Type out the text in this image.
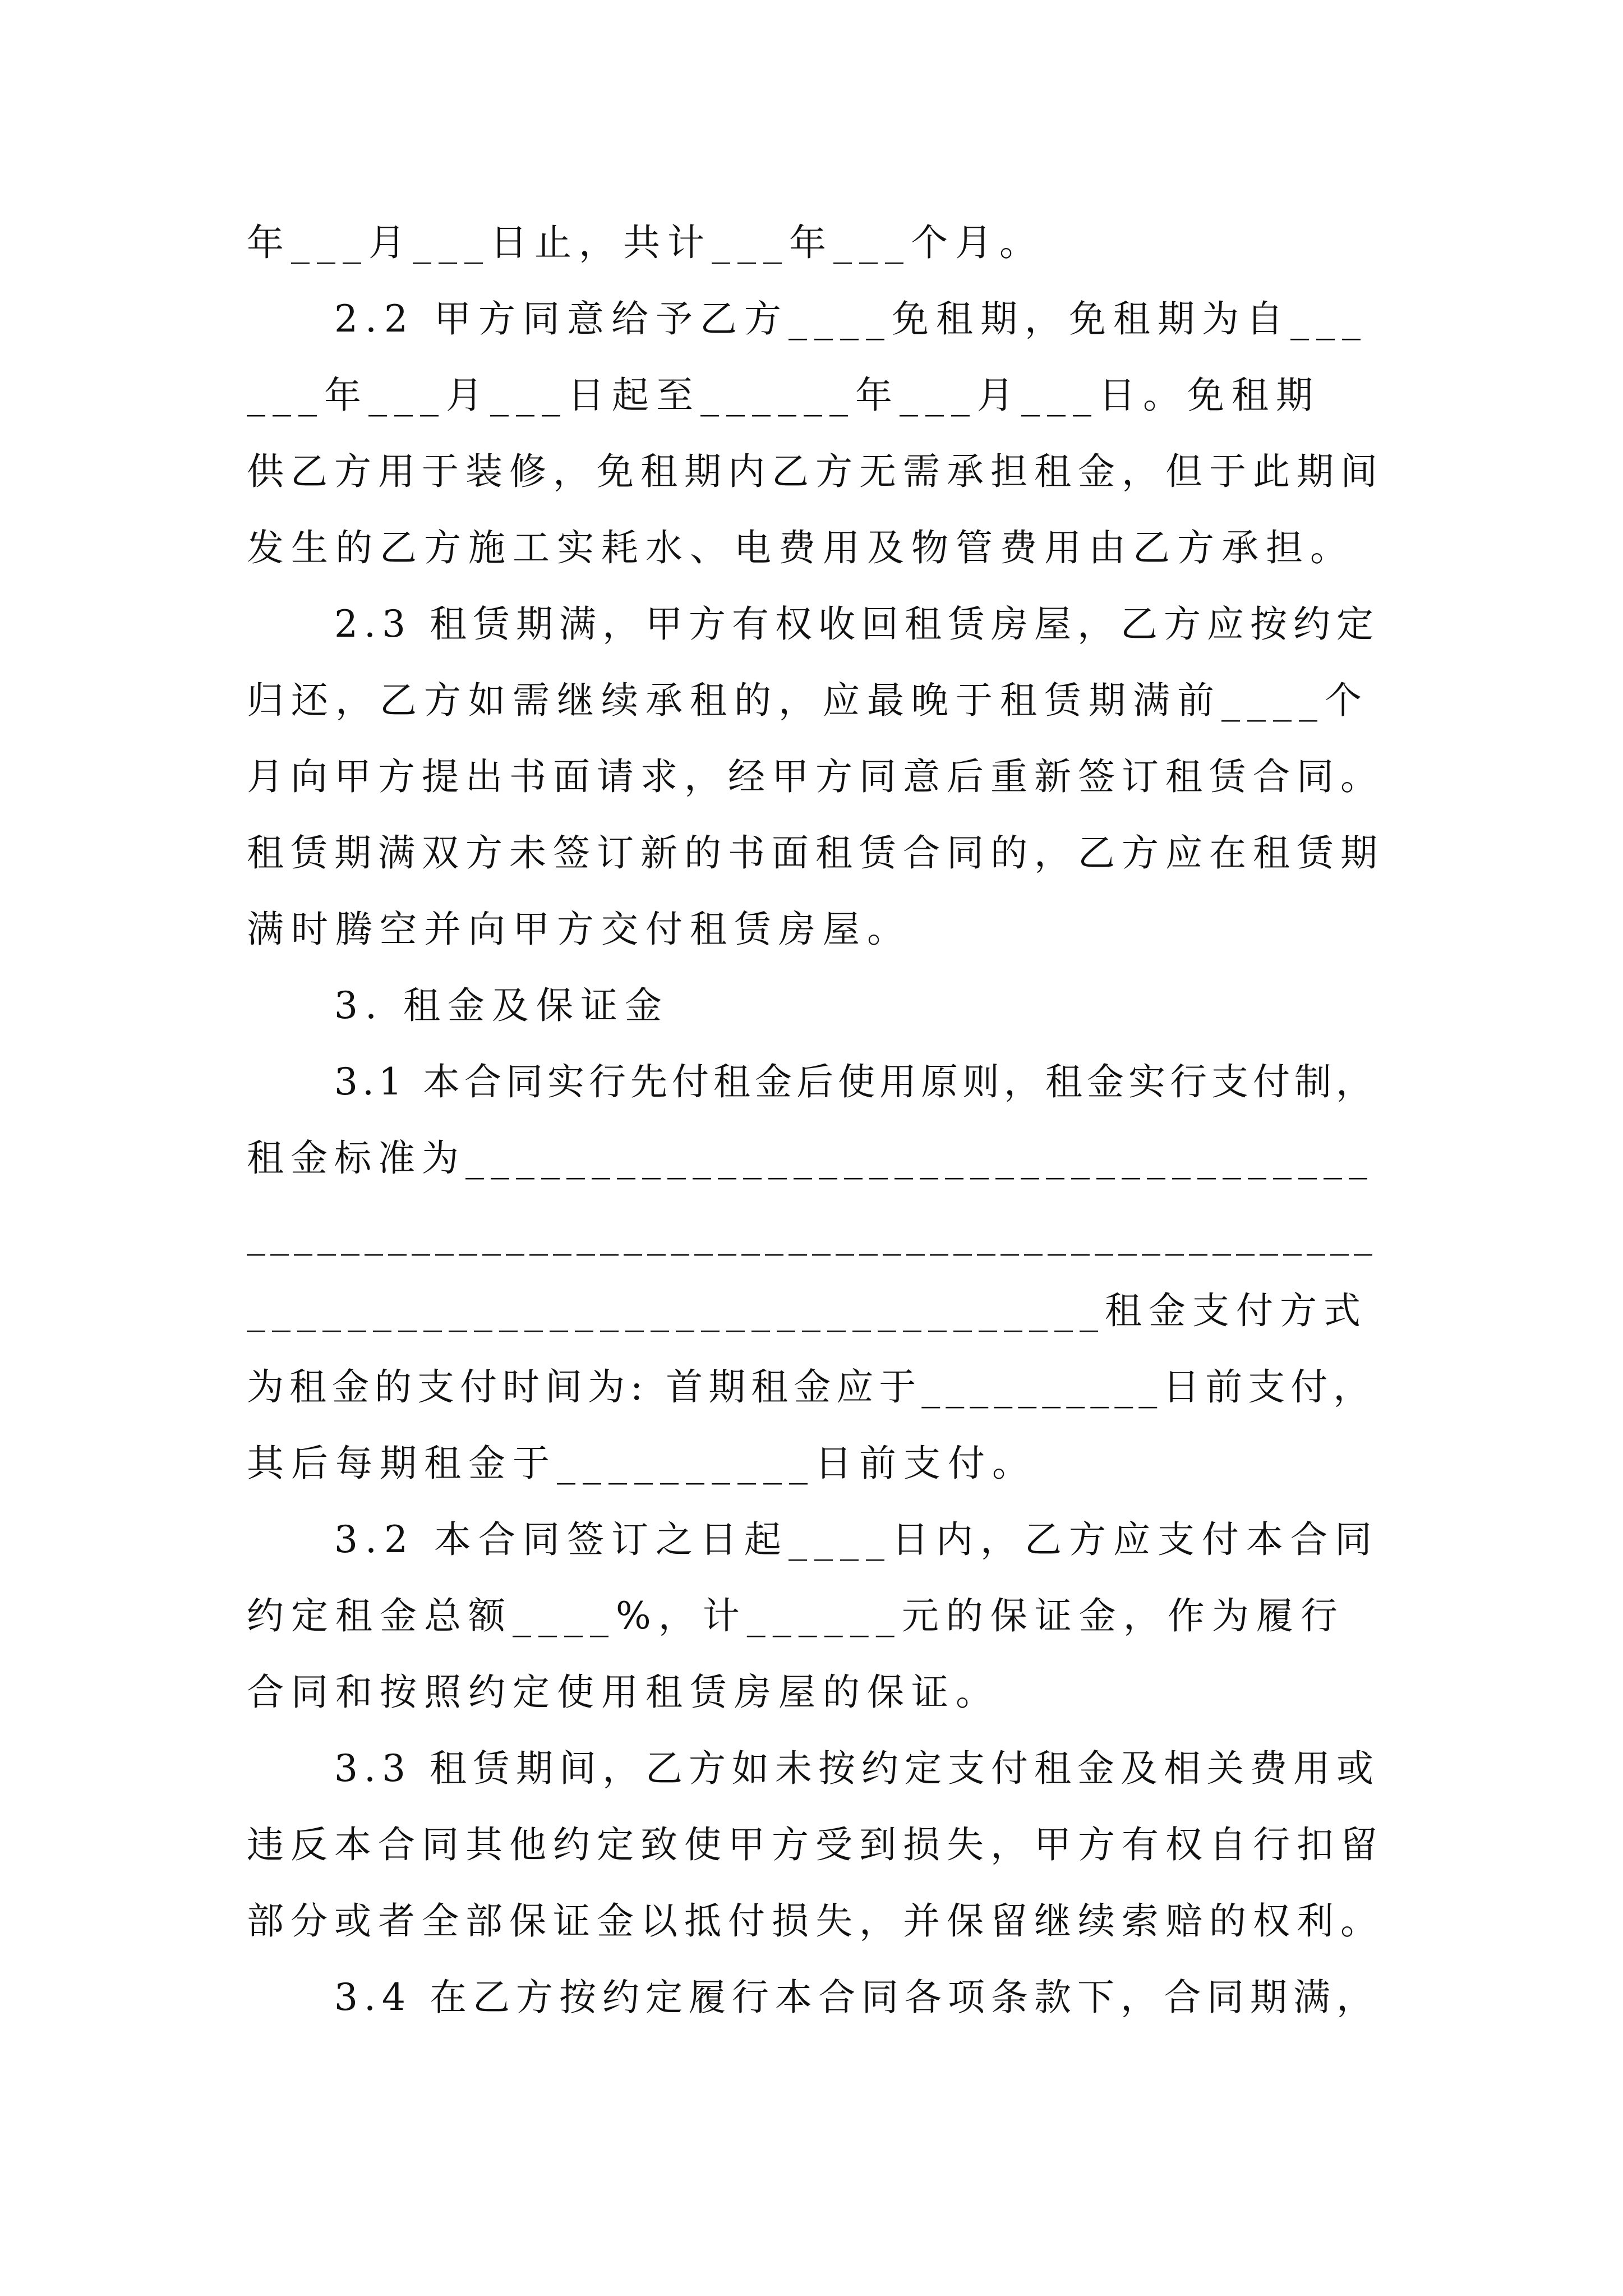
年___月___日止，共计___年___个月。
2.2 甲方同意给予乙方____免租期，免租期为自___
___年___月___日起至______年___月___日。免租期
供乙方用于装修，免租期内乙方无需承担租金，但于此期间
发生的乙方施工实耗水、电费用及物管费用由乙方承担。
2.3 租赁期满，甲方有权收回租赁房屋，乙方应按约定
归还，乙方如需继续承租的，应最晚于租赁期满前____个
月向甲方提出书面请求，经甲方同意后重新签订租赁合同。
租赁期满双方未签订新的书面租赁合同的，乙方应在租赁期
满时腾空并向甲方交付租赁房屋。
3. 租金及保证金
3.1 本合同实行先付租金后使用原则，租金实行支付制，
租金标准为____________________________________
________________________________________________
__________________________________租金支付方式
为租金的支付时间为: 首期租金应于__________日前支付，
其后每期租金于__________日前支付。
3.2 本合同签订之日起____日内，乙方应支付本合同
约定租金总额____%，计______元的保证金，作为履行
合同和按照约定使用租赁房屋的保证。
3.3 租赁期间，乙方如未按约定支付租金及相关费用或
违反本合同其他约定致使甲方受到损失，甲方有权自行扣留
部分或者全部保证金以抵付损失，并保留继续索赔的权利。
3.4 在乙方按约定履行本合同各项条款下，合同期满，
